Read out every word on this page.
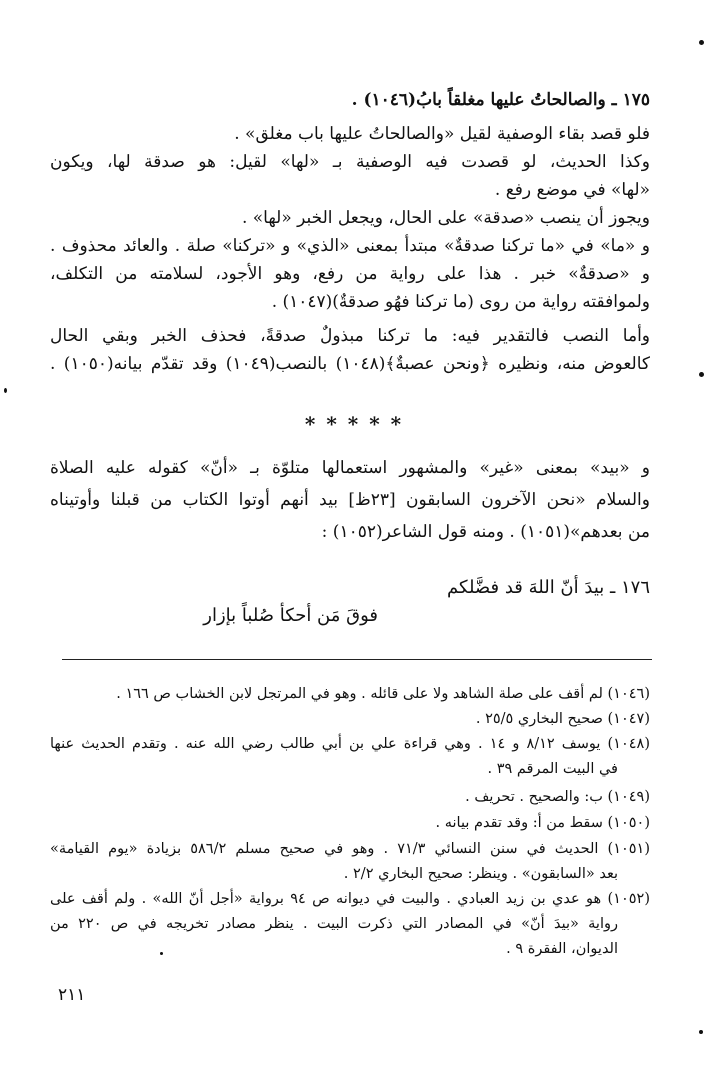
١٧٥ ـ والصالحاتُ عليها مغلقاً بابُ(١٠٤٦) .
فلو قصد بقاء الوصفية لقيل «والصالحاتُ عليها باب مغلق» .
وكذا الحديث، لو قصدت فيه الوصفية بـ «لها» لقيل: هو صدقة لها، ويكون
«لها» في موضع رفع .
ويجوز أن ينصب «صدقة» على الحال، ويجعل الخبر «لها» .
و «ما» في «ما تركنا صدقةٌ» مبتدأ بمعنى «الذي» و «تركنا» صلة . والعائد محذوف .
و «صدقةٌ» خبر . هذا على رواية من رفع، وهو الأجود، لسلامته من التكلف،
ولموافقته رواية من روى (ما تركنا فهُو صدقةٌ)(١٠٤٧) .
وأما النصب فالتقدير فيه: ما تركنا مبذولٌ صدقةً، فحذف الخبر وبقي الحال
كالعوض منه، ونظيره ﴿ونحن عصبةٌ﴾(١٠٤٨) بالنصب(١٠٤٩) وقد تقدّم بيانه(١٠٥٠) .
* * * * *
و «بيد» بمعنى «غير» والمشهور استعمالها متلوّة بـ «أنّ» كقوله عليه الصلاة
والسلام «نحن الآخرون السابقون [٢٣ظ] بيد أنهم أوتوا الكتاب من قبلنا وأوتيناه
من بعدهم»(١٠٥١) . ومنه قول الشاعر(١٠٥٢) :
١٧٦ ـ بيدَ أنّ اللهَ قد فضَّلكم
فوقَ مَن أحكأ صُلباً بإزار
(١٠٤٦) لم أقف على صلة الشاهد ولا على قائله . وهو في المرتجل لابن الخشاب ص ١٦٦ .
(١٠٤٧) صحيح البخاري ٢٥/٥ .
(١٠٤٨) يوسف ٨/١٢ و ١٤ . وهي قراءة علي بن أبي طالب رضي الله عنه . وتقدم الحديث عنها
في البيت المرقم ٣٩ .
(١٠٤٩) ب: والصحيح . تحريف .
(١٠٥٠) سقط من أ: وقد تقدم بيانه .
(١٠٥١) الحديث في سنن النسائي ٧١/٣ . وهو في صحيح مسلم ٥٨٦/٢ بزيادة «يوم القيامة»
بعد «السابقون» . وينظر: صحيح البخاري ٢/٢ .
(١٠٥٢) هو عدي بن زيد العبادي . والبيت في ديوانه ص ٩٤ برواية «أجل أنّ الله» . ولم أقف على
رواية «بيدَ أنّ» في المصادر التي ذكرت البيت . ينظر مصادر تخريجه في ص ٢٢٠ من
الديوان، الفقرة ٩ .
٢١١
